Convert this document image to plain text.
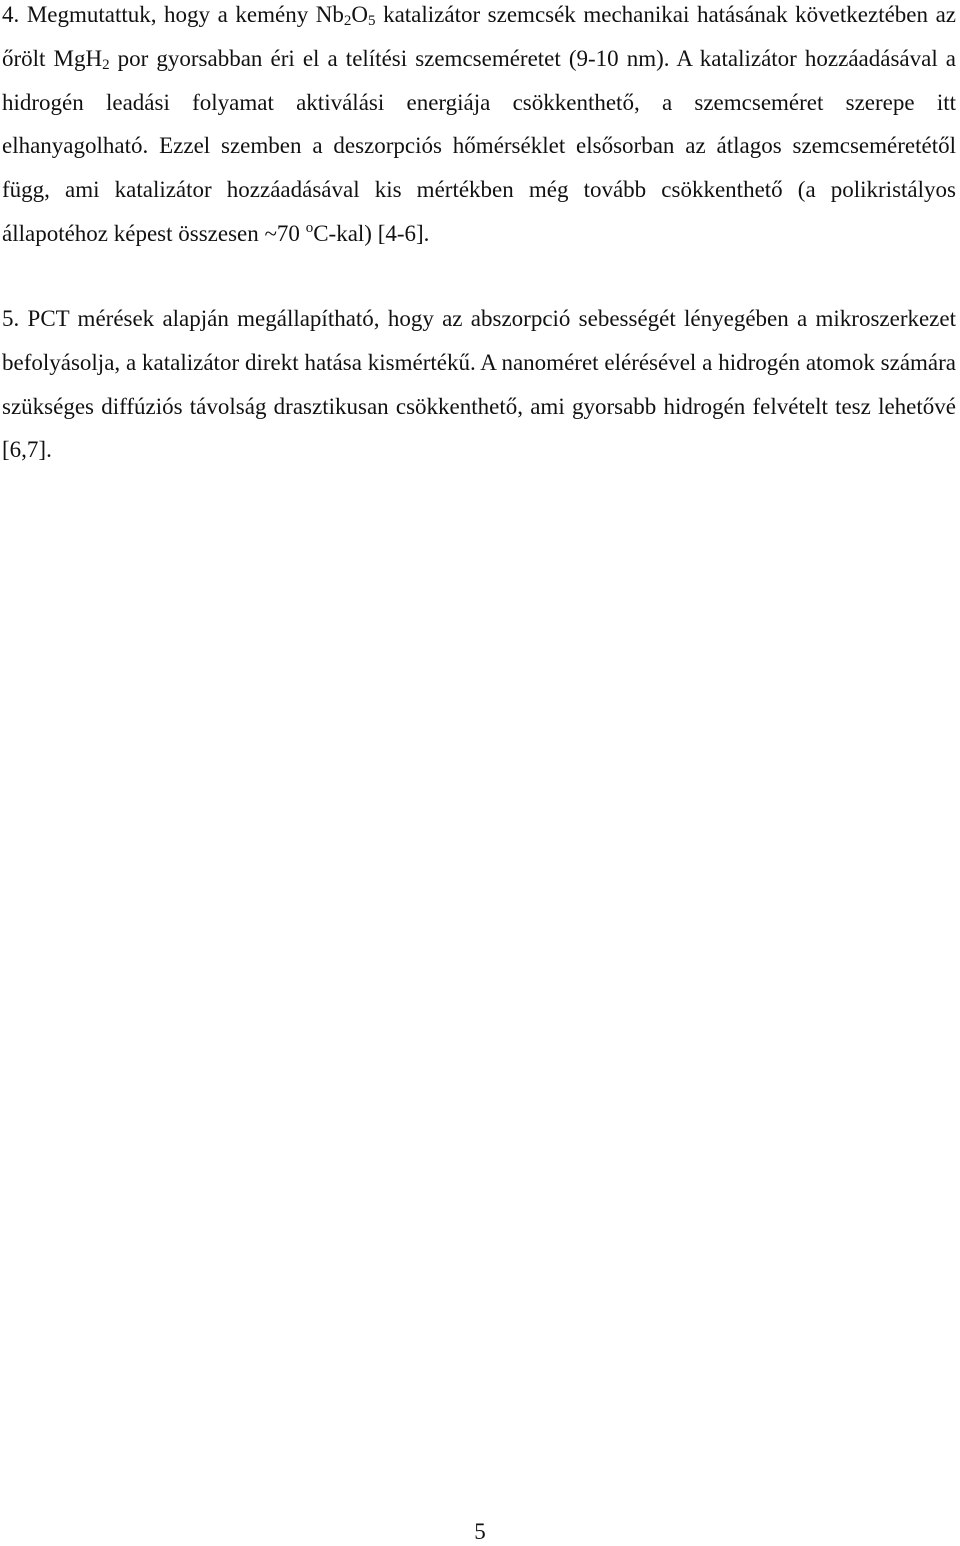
4. Megmutattuk, hogy a kemény $Nb_2O_5$ katalizátor szemcsék mechanikai hatásának következtében az őrölt MgH$_2$ por gyorsabban éri el a telítési szemcseméretet (9-10 nm). A katalizátor hozzáadásával a hidrogén leadási folyamat aktiválási energiája csökkenthető, a szemcseméret szerepe itt elhanyagolható. Ezzel szemben a deszorpciós hőmérséklet elsősorban az átlagos szemcseméretétől függ, ami katalizátor hozzáadásával kis mértékben még tovább csökkenthető (a polikristályos állapotéhoz képest összesen ~70 $^o$C-kal) [4-6].

5. PCT mérések alapján megállapítható, hogy az abszorpció sebességét lényegében a mikroszerkezet befolyásolja, a katalizátor direkt hatása kismértékű. A nanoméret elérésével a hidrogén atomok számára szükséges diffúziós távolság drasztikusan csökkenthető, ami gyorsabb hidrogén felvételt tesz lehetővé [6,7].

5
